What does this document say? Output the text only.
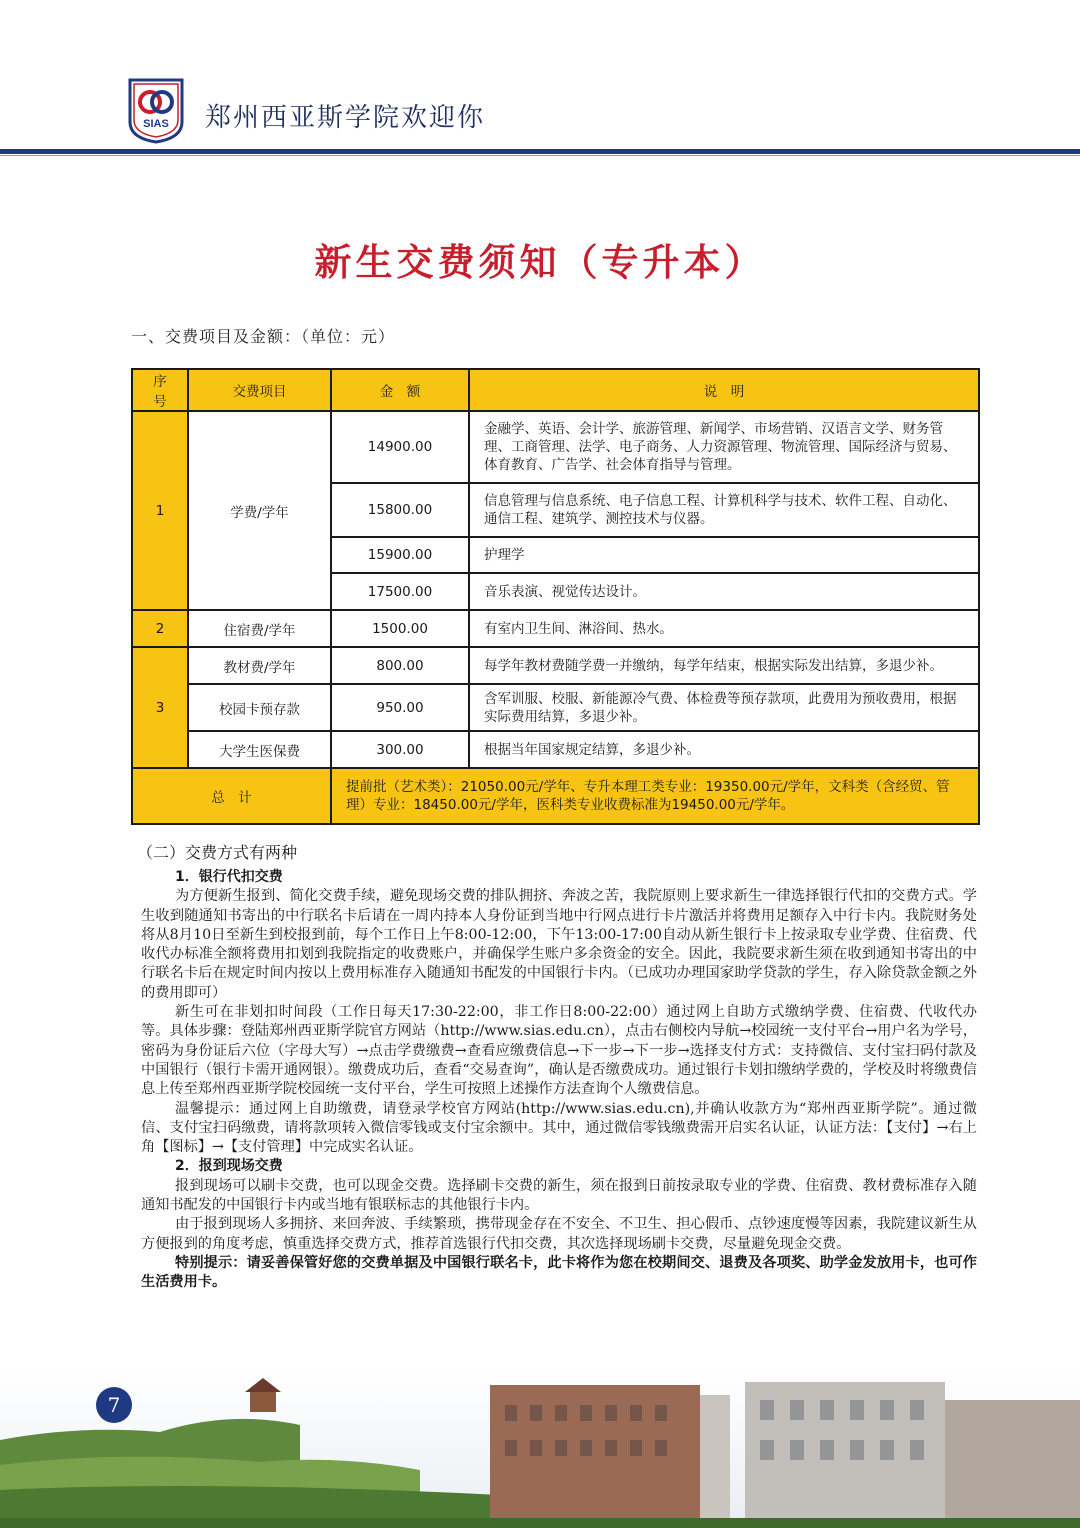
SIAS 郑州西亚斯学院欢迎你
新生交费须知（专升本）
一、交费项目及金额：（单位：元）
序号	交费项目	金　额	说　明
1	学费/学年	14900.00	金融学、英语、会计学、旅游管理、新闻学、市场营销、汉语言文学、财务管理、工商管理、法学、电子商务、人力资源管理、物流管理、国际经济与贸易、体育教育、广告学、社会体育指导与管理。
		15800.00	信息管理与信息系统、电子信息工程、计算机科学与技术、软件工程、自动化、通信工程、建筑学、测控技术与仪器。
		15900.00	护理学
		17500.00	音乐表演、视觉传达设计。
2	住宿费/学年	1500.00	有室内卫生间、淋浴间、热水。
3	教材费/学年	800.00	每学年教材费随学费一并缴纳，每学年结束，根据实际发出结算，多退少补。
	校园卡预存款	950.00	含军训服、校服、新能源冷气费、体检费等预存款项，此费用为预收费用，根据实际费用结算，多退少补。
	大学生医保费	300.00	根据当年国家规定结算，多退少补。
总　计		提前批（艺术类）：21050.00元/学年、专升本理工类专业：19350.00元/学年，文科类（含经贸、管理）专业：18450.00元/学年，医科类专业收费标准为19450.00元/学年。	
（二）交费方式有两种

1．银行代扣交费

为方便新生报到、简化交费手续，避免现场交费的排队拥挤、奔波之苦，我院原则上要求新生一律选择银行代扣的交费方式。学生收到随通知书寄出的中行联名卡后请在一周内持本人身份证到当地中行网点进行卡片激活并将费用足额存入中行卡内。我院财务处将从8月10日至新生到校报到前，每个工作日上午8:00-12:00，下午13:00-17:00自动从新生银行卡上按录取专业学费、住宿费、代收代办标准全额将费用扣划到我院指定的收费账户，并确保学生账户多余资金的安全。因此，我院要求新生须在收到通知书寄出的中行联名卡后在规定时间内按以上费用标准存入随通知书配发的中国银行卡内。（已成功办理国家助学贷款的学生，存入除贷款金额之外的费用即可）

新生可在非划扣时间段（工作日每天17:30-22:00，非工作日8:00-22:00）通过网上自助方式缴纳学费、住宿费、代收代办等。具体步骤：登陆郑州西亚斯学院官方网站（http://www.sias.edu.cn），点击右侧校内导航→校园统一支付平台→用户名为学号，密码为身份证后六位（字母大写）→点击学费缴费→查看应缴费信息→下一步→下一步→选择支付方式：支持微信、支付宝扫码付款及中国银行（银行卡需开通网银）。缴费成功后，查看“交易查询”，确认是否缴费成功。通过银行卡划扣缴纳学费的，学校及时将缴费信息上传至郑州西亚斯学院校园统一支付平台，学生可按照上述操作方法查询个人缴费信息。

温馨提示：通过网上自助缴费，请登录学校官方网站(http://www.sias.edu.cn),并确认收款方为“郑州西亚斯学院”。通过微信、支付宝扫码缴费，请将款项转入微信零钱或支付宝余额中。其中，通过微信零钱缴费需开启实名认证，认证方法：【支付】→右上角【图标】→【支付管理】中完成实名认证。

2．报到现场交费

报到现场可以刷卡交费，也可以现金交费。选择刷卡交费的新生，须在报到日前按录取专业的学费、住宿费、教材费标准存入随通知书配发的中国银行卡内或当地有银联标志的其他银行卡内。

由于报到现场人多拥挤、来回奔波、手续繁琐，携带现金存在不安全、不卫生、担心假币、点钞速度慢等因素，我院建议新生从方便报到的角度考虑，慎重选择交费方式，推荐首选银行代扣交费，其次选择现场刷卡交费，尽量避免现金交费。

特别提示：请妥善保管好您的交费单据及中国银行联名卡，此卡将作为您在校期间交、退费及各项奖、助学金发放用卡，也可作生活费用卡。

7
